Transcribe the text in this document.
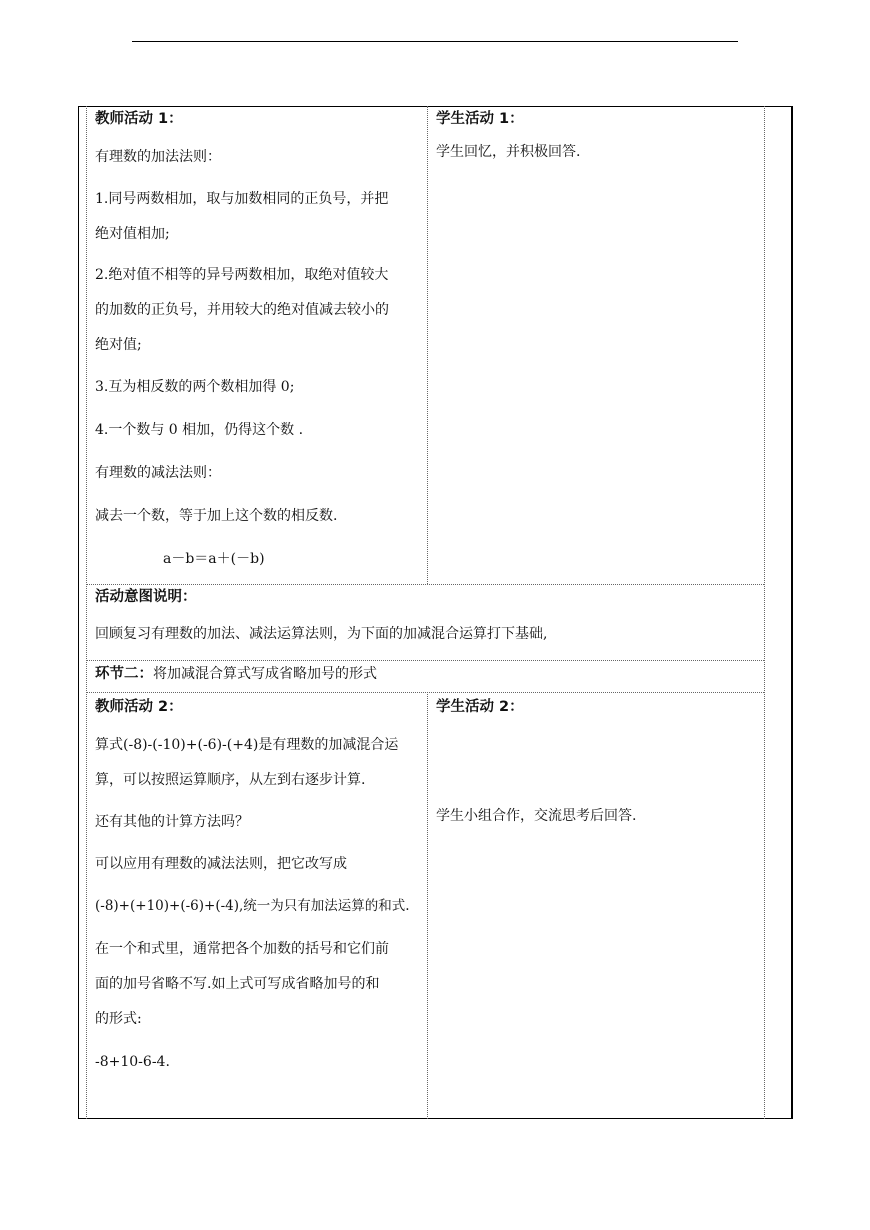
教师活动 1：
有理数的加法法则：
1.同号两数相加，取与加数相同的正负号，并把
绝对值相加;
2.绝对值不相等的异号两数相加，取绝对值较大
的加数的正负号，并用较大的绝对值减去较小的
绝对值;
3.互为相反数的两个数相加得 0;
4.一个数与 0 相加，仍得这个数 .
有理数的减法法则：
减去一个数，等于加上这个数的相反数.
a－b＝a＋(－b)
学生活动 1：
学生回忆，并积极回答.
活动意图说明：
回顾复习有理数的加法、减法运算法则，为下面的加减混合运算打下基础,
环节二：将加减混合算式写成省略加号的形式
教师活动 2：
算式(-8)-(-10)+(-6)-(+4)是有理数的加减混合运
算，可以按照运算顺序，从左到右逐步计算.
还有其他的计算方法吗？
可以应用有理数的减法法则，把它改写成
(-8)+(+10)+(-6)+(-4),统一为只有加法运算的和式.
在一个和式里，通常把各个加数的括号和它们前
面的加号省略不写.如上式可写成省略加号的和
的形式:
-8+10-6-4.
学生活动 2：
学生小组合作，交流思考后回答.
